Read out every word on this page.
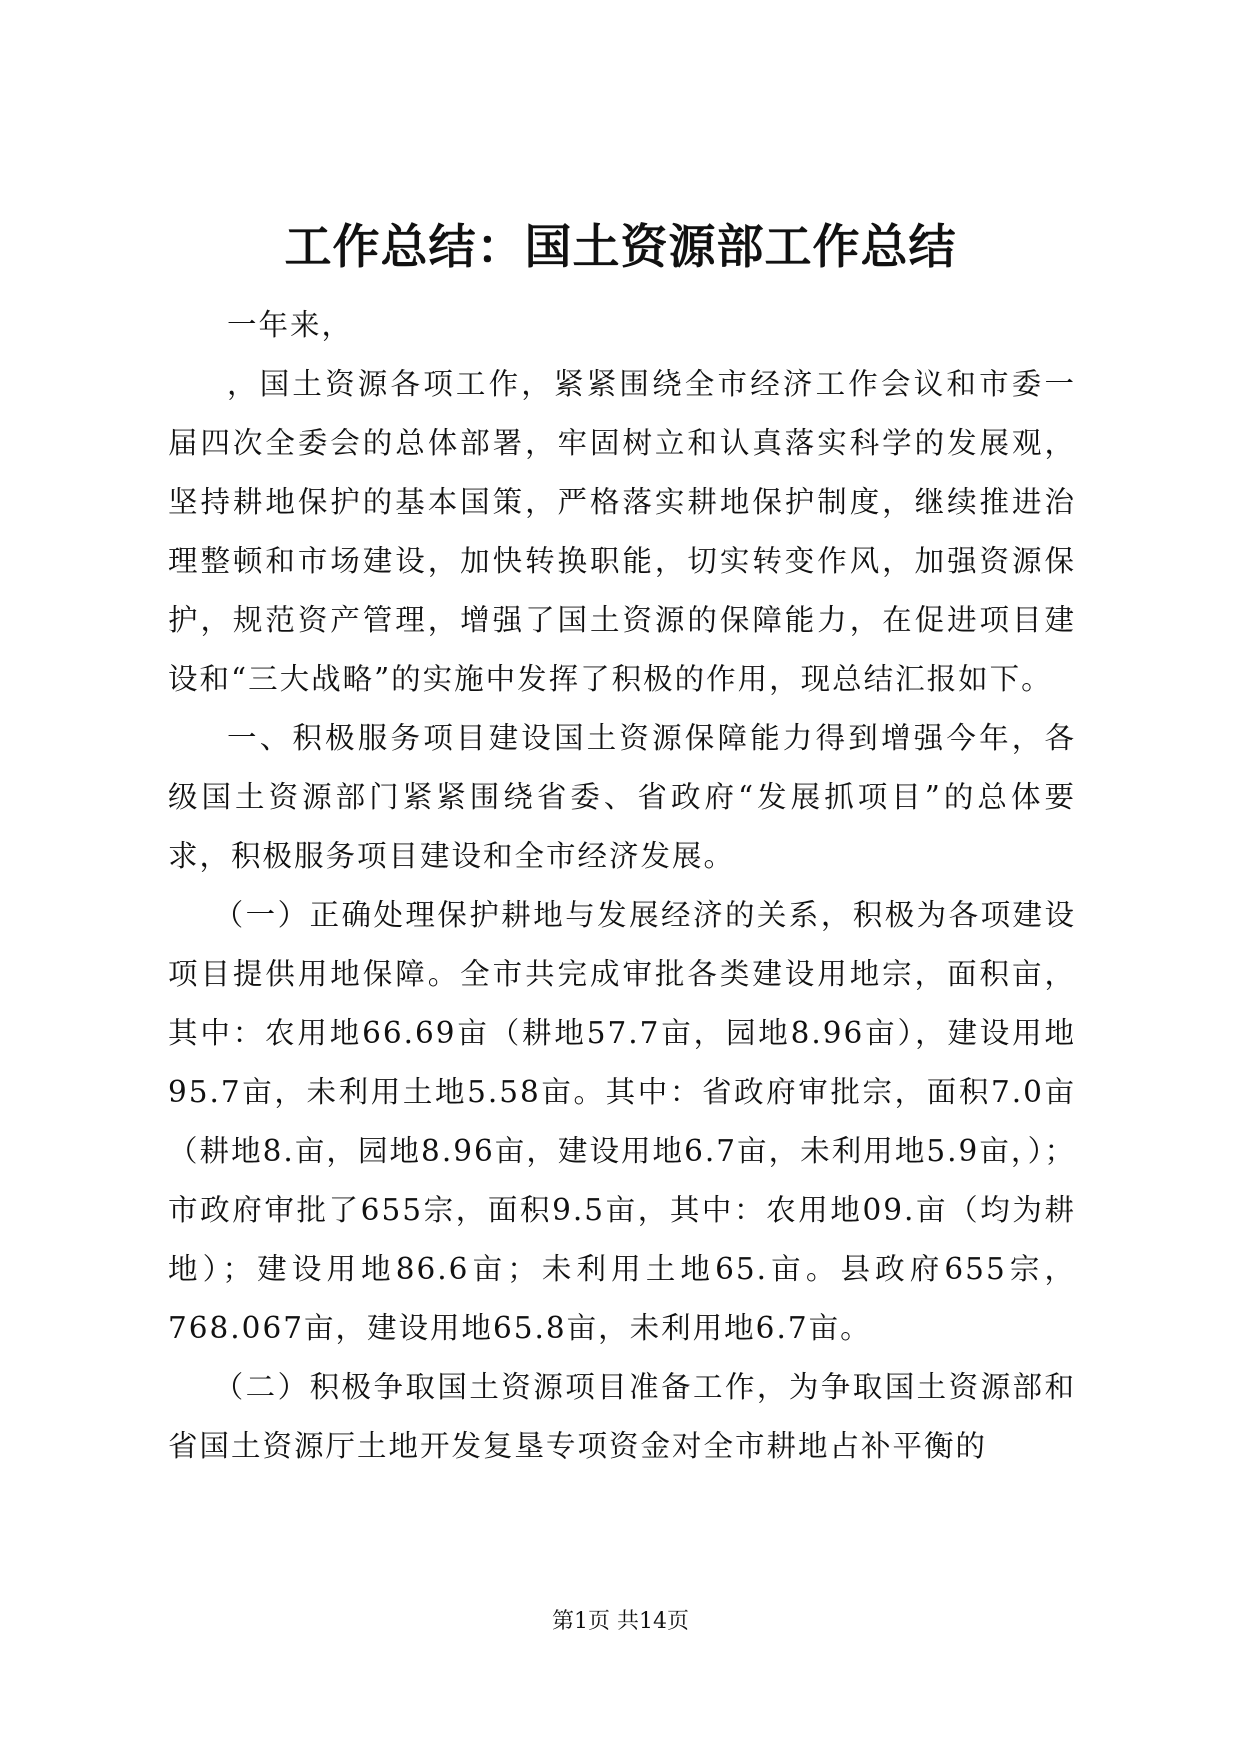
工作总结：国土资源部工作总结

一年来，

，国土资源各项工作，紧紧围绕全市经济工作会议和市委一届四次全委会的总体部署，牢固树立和认真落实科学的发展观，坚持耕地保护的基本国策，严格落实耕地保护制度，继续推进治理整顿和市场建设，加快转换职能，切实转变作风，加强资源保护，规范资产管理，增强了国土资源的保障能力，在促进项目建设和“三大战略”的实施中发挥了积极的作用，现总结汇报如下。

一、积极服务项目建设国土资源保障能力得到增强今年，各级国土资源部门紧紧围绕省委、省政府“发展抓项目”的总体要求，积极服务项目建设和全市经济发展。

（一）正确处理保护耕地与发展经济的关系，积极为各项建设项目提供用地保障。全市共完成审批各类建设用地宗，面积亩，其中：农用地66.69亩（耕地57.7亩，园地8.96亩），建设用地95.7亩，未利用土地5.58亩。其中：省政府审批宗，面积7.0亩（耕地8.亩，园地8.96亩，建设用地6.7亩，未利用地5.9亩，）；市政府审批了655宗，面积9.5亩，其中：农用地09.亩（均为耕地）；建设用地86.6亩；未利用土地65.亩。县政府655宗，768.067亩，建设用地65.8亩，未利用地6.7亩。

（二）积极争取国土资源项目准备工作，为争取国土资源部和省国土资源厅土地开发复垦专项资金对全市耕地占补平衡的

第1页 共14页
